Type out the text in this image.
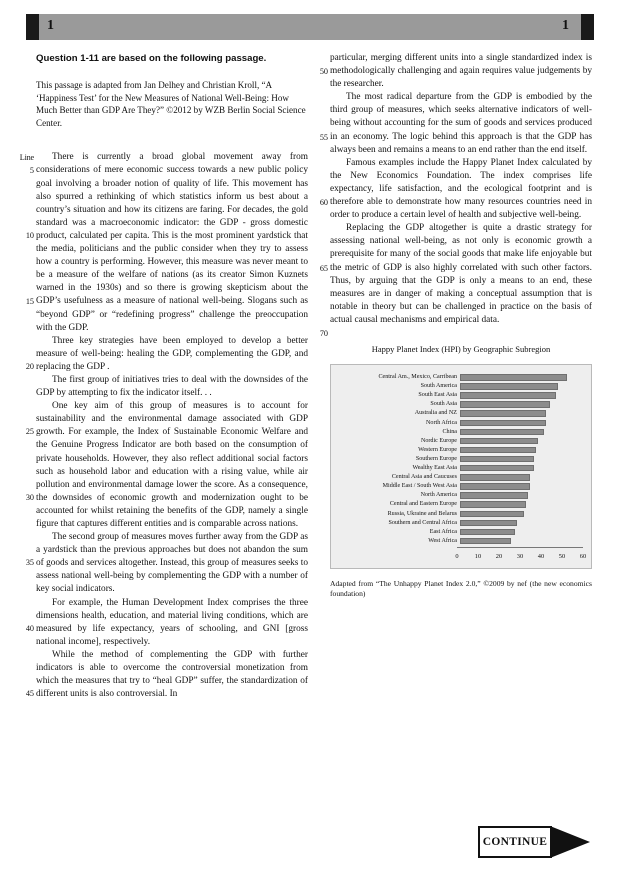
1	1
Question 1-11 are based on the following passage.
This passage is adapted from Jan Delhey and Christian Kroll, “A ‘Happiness Test’ for the New Measures of National Well-Being: How Much Better than GDP Are They?” ©2012 by WZB Berlin Social Science Center.
Line
5
10
15
20
25
30
35
40
45

There is currently a broad global movement away from considerations of mere economic success towards a new public policy goal involving a broader notion of quality of life. This movement has also spurred a rethinking of which statistics inform us best about a country’s situation and how its citizens are faring. For decades, the gold standard was a macroeconomic indicator: the GDP - gross domestic product, calculated per capita. This is the most prominent yardstick that the media, politicians and the public consider when they try to assess how a country is performing. However, this measure was never meant to be a measure of the welfare of nations (as its creator Simon Kuznets warned in the 1930s) and so there is growing skepticism about the GDP’s usefulness as a measure of national well-being. Slogans such as “beyond GDP” or “redefining progress” challenge the preoccupation with the GDP.

Three key strategies have been employed to develop a better measure of well-being: healing the GDP, complementing the GDP, and replacing the GDP .

The first group of initiatives tries to deal with the downsides of the GDP by attempting to fix the indicator itself. . .

One key aim of this group of measures is to account for sustainability and the environmental damage associated with GDP growth. For example, the Index of Sustainable Economic Welfare and the Genuine Progress Indicator are both based on the consumption of private households. However, they also reflect additional social factors such as household labor and education with a rising value, while air pollution and environmental damage lower the score. As a consequence, the downsides of economic growth and modernization ought to be accounted for whilst retaining the benefits of the GDP, namely a single figure that captures different entities and is comparable across nations.

The second group of measures moves further away from the GDP as a yardstick than the previous approaches but does not abandon the sum of goods and services altogether. Instead, this group of measures seeks to assess national well-being by complementing the GDP with a number of key social indicators.

For example, the Human Development Index comprises the three dimensions health, education, and material living conditions, which are measured by life expectancy, years of schooling, and GNI [gross national income], respectively.

While the method of complementing the GDP with further indicators is able to overcome the controversial monetization from which the measures that try to “heal GDP” suffer, the standardization of different units is also controversial. In

50
55
60
65
70

particular, merging different units into a single standardized index is methodologically challenging and again requires value judgements by the researcher.

The most radical departure from the GDP is embodied by the third group of measures, which seeks alternative indicators of well-being without accounting for the sum of goods and services produced in an economy. The logic behind this approach is that the GDP has always been and remains a means to an end rather than the end itself.

Famous examples include the Happy Planet Index calculated by the New Economics Foundation. The index comprises life expectancy, life satisfaction, and the ecological footprint and is therefore able to demonstrate how many resources countries need in order to produce a certain level of health and subjective well-being.

Replacing the GDP altogether is quite a drastic strategy for assessing national well-being, as not only is economic growth a prerequisite for many of the social goods that make life enjoyable but the metric of GDP is also highly correlated with such other factors. Thus, by arguing that the GDP is only a means to an end, these measures are in danger of making a conceptual assumption that is notable in theory but can be challenged in practice on the basis of actual causal mechanisms and empirical data.

Happy Planet Index (HPI) by Geographic Subregion
Central Am., Mexico, Carribean
South America
South East Asia
South Asia
Australia and NZ
North Africa
China
Nordic Europe
Western Europe
Southern Europe
Wealthy East Asia
Central Asia and Caucuses
Middle East / South West Asia
North America
Central and Eastern Europe
Russia, Ukraine and Belarus
Southern and Central Africa
East Africa
West Africa
0	10 20 30 40 50 60
Adapted from “The Unhappy Planet Index 2.0,” ©2009 by nef (the new economics foundation)
CONTINUE
